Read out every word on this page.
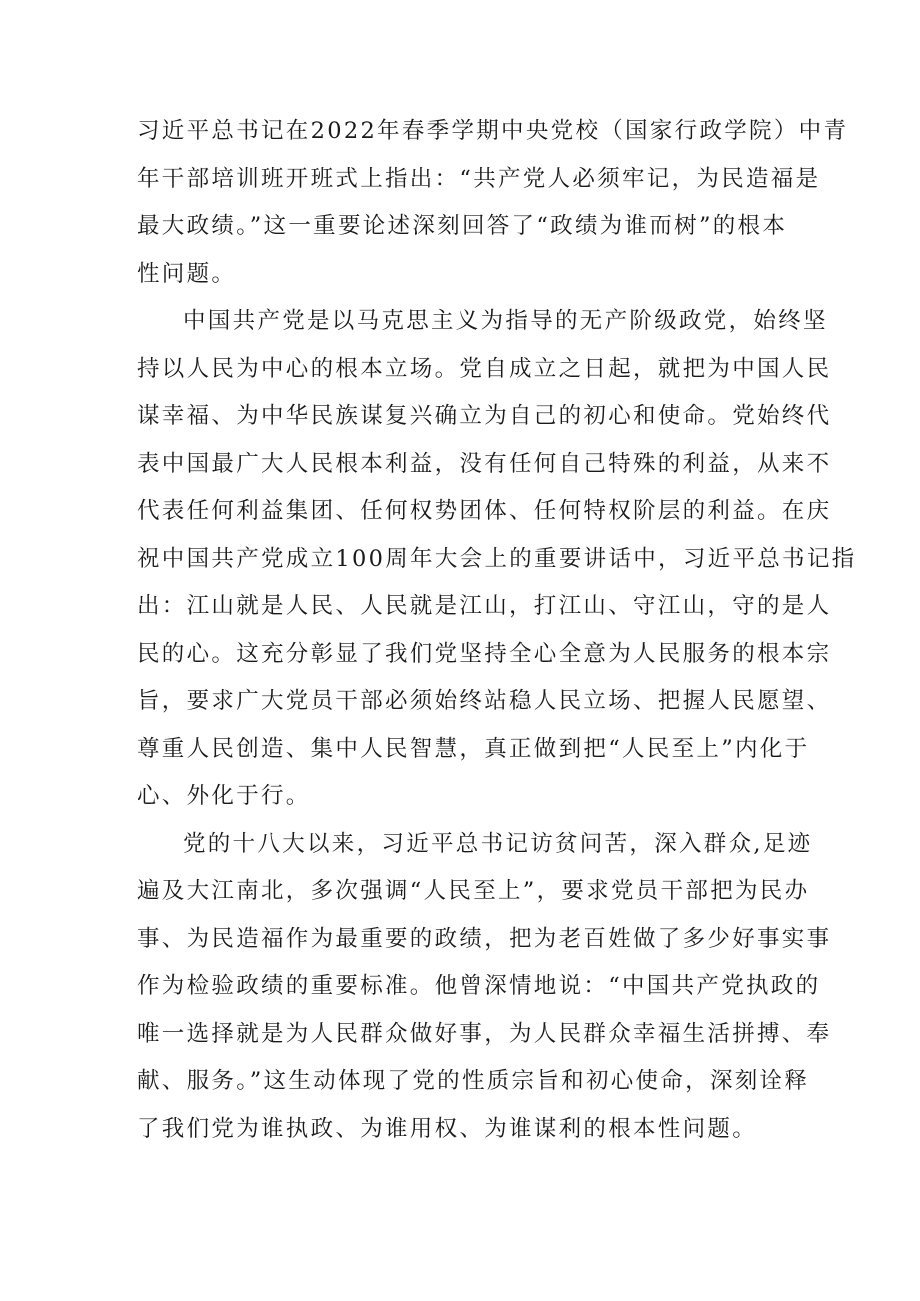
习近平总书记在2022年春季学期中央党校（国家行政学院）中青
年干部培训班开班式上指出：“共产党人必须牢记，为民造福是
最大政绩。”这一重要论述深刻回答了“政绩为谁而树”的根本
性问题。
中国共产党是以马克思主义为指导的无产阶级政党，始终坚
持以人民为中心的根本立场。党自成立之日起，就把为中国人民
谋幸福、为中华民族谋复兴确立为自己的初心和使命。党始终代
表中国最广大人民根本利益，没有任何自己特殊的利益，从来不
代表任何利益集团、任何权势团体、任何特权阶层的利益。在庆
祝中国共产党成立100周年大会上的重要讲话中，习近平总书记指
出：江山就是人民、人民就是江山，打江山、守江山，守的是人
民的心。这充分彰显了我们党坚持全心全意为人民服务的根本宗
旨，要求广大党员干部必须始终站稳人民立场、把握人民愿望、
尊重人民创造、集中人民智慧，真正做到把“人民至上”内化于
心、外化于行。
党的十八大以来，习近平总书记访贫问苦，深入群众,足迹
遍及大江南北，多次强调“人民至上”，要求党员干部把为民办
事、为民造福作为最重要的政绩，把为老百姓做了多少好事实事
作为检验政绩的重要标准。他曾深情地说：“中国共产党执政的
唯一选择就是为人民群众做好事，为人民群众幸福生活拼搏、奉
献、服务。”这生动体现了党的性质宗旨和初心使命，深刻诠释
了我们党为谁执政、为谁用权、为谁谋利的根本性问题。
